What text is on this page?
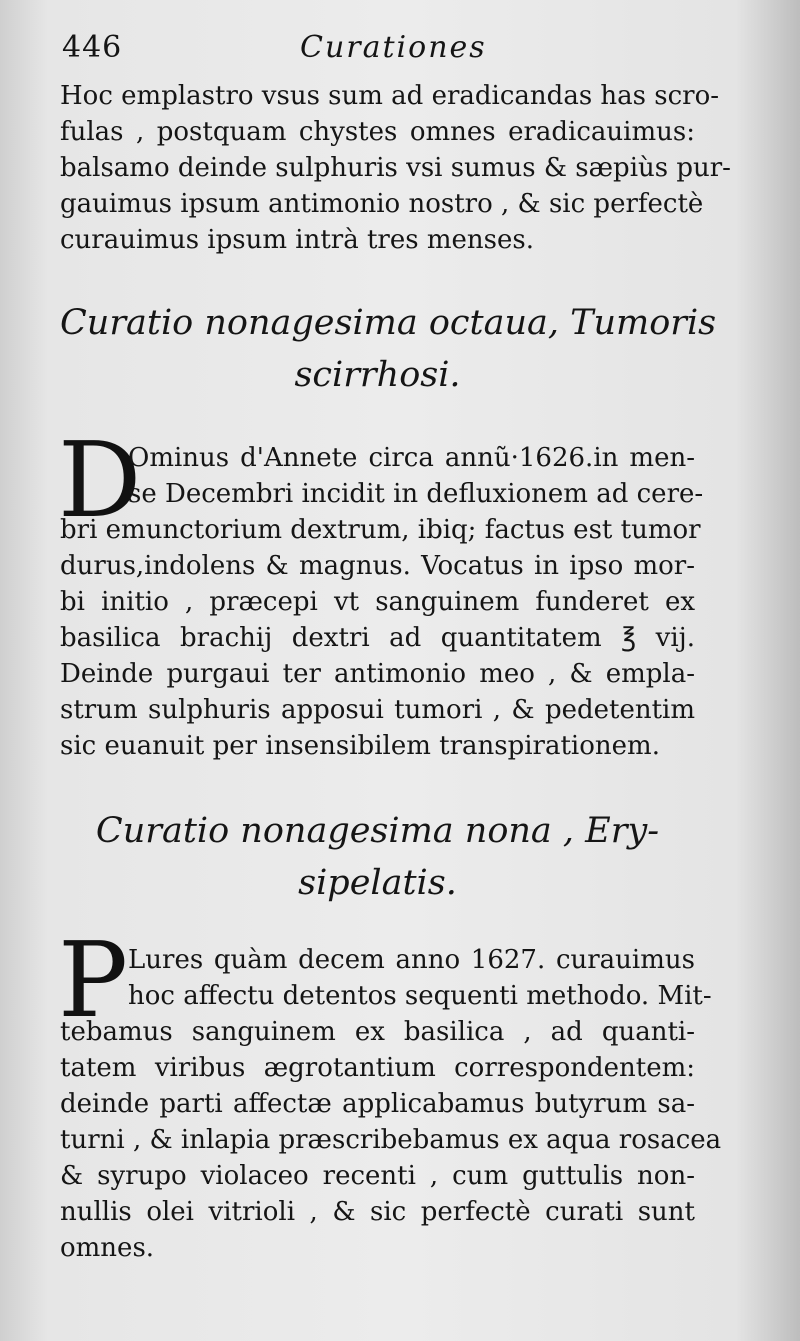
446	Curationes
Hoc emplastro vsus sum ad eradicandas has scro-
fulas , postquam chystes omnes eradicauimus:
balsamo deinde sulphuris vsi sumus & sæpiùs pur-
gauimus ipsum antimonio nostro , & sic perfectè
curauimus ipsum intrà tres menses.
Curatio nonagesima octaua, Tumoris
scirrhosi.
D
Ominus d'Annete circa annũ·1626.in men-
se Decembri incidit in defluxionem ad cere-
bri emunctorium dextrum, ibiq; factus est tumor
durus,indolens & magnus. Vocatus in ipso mor-
bi initio , præcepi vt sanguinem funderet ex
basilica brachij dextri ad quantitatem ℥ vij.
Deinde purgaui ter antimonio meo , & empla-
strum sulphuris apposui tumori , & pedetentim
sic euanuit per insensibilem transpirationem.
Curatio nonagesima nona , Ery-
sipelatis.
P Lures quàm decem anno 1627. curauimus
hoc affectu detentos sequenti methodo. Mit-
tebamus sanguinem ex basilica , ad quanti-
tatem viribus ægrotantium correspondentem:
deinde parti affectæ applicabamus butyrum sa-
turni , & inlapia præscribebamus ex aqua rosacea
& syrupo violaceo recenti , cum guttulis non-
nullis olei vitrioli , & sic perfectè curati sunt
omnes.
